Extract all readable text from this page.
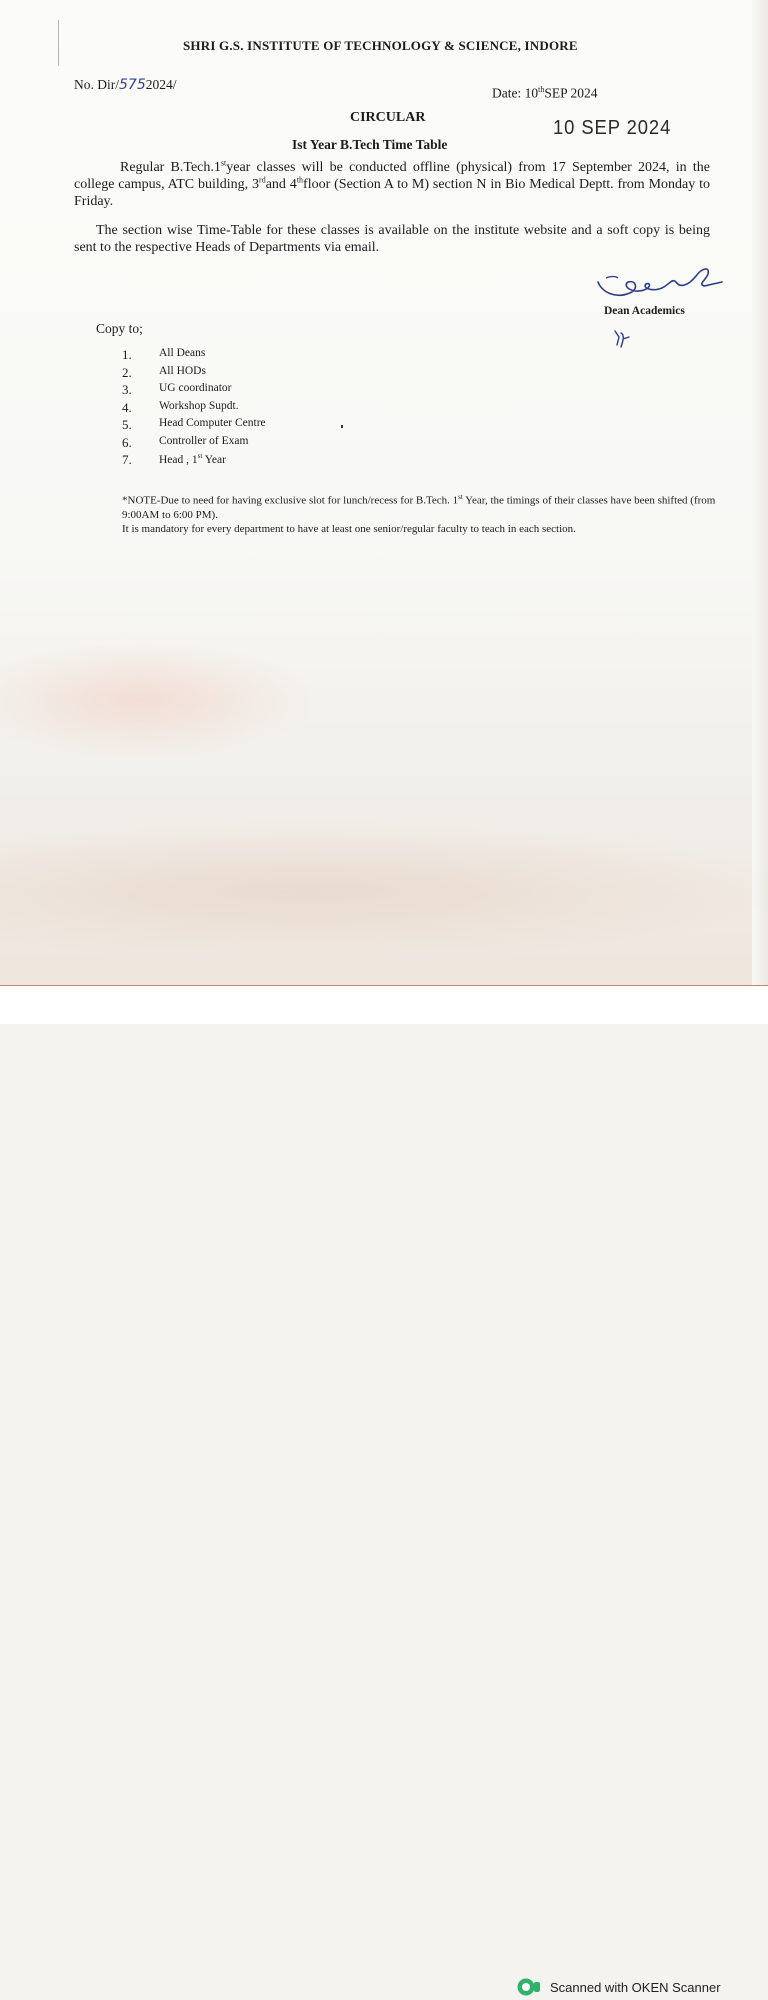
SHRI G.S. INSTITUTE OF TECHNOLOGY & SCIENCE, INDORE
No. Dir/5752024/
Date: 10thSEP 2024
10 SEP 2024
CIRCULAR
Ist Year B.Tech Time Table
Regular B.Tech.1styear classes will be conducted offline (physical) from 17 September 2024, in the college campus, ATC building, 3rdand 4thfloor (Section A to M) section N in Bio Medical Deptt. from Monday to Friday.
The section wise Time-Table for these classes is available on the institute website and a soft copy is being sent to the respective Heads of Departments via email.
Dean Academics
Copy to;
1.	All Deans
2.	All HODs
3.	UG coordinator
4.	Workshop Supdt.
5.	Head Computer Centre
6.	Controller of Exam
7.	Head , 1st Year
*NOTE-Due to need for having exclusive slot for lunch/recess for B.Tech. 1st Year, the timings of their classes have been shifted (from 9:00AM to 6:00 PM).
It is mandatory for every department to have at least one senior/regular faculty to teach in each section.
Scanned with OKEN Scanner
